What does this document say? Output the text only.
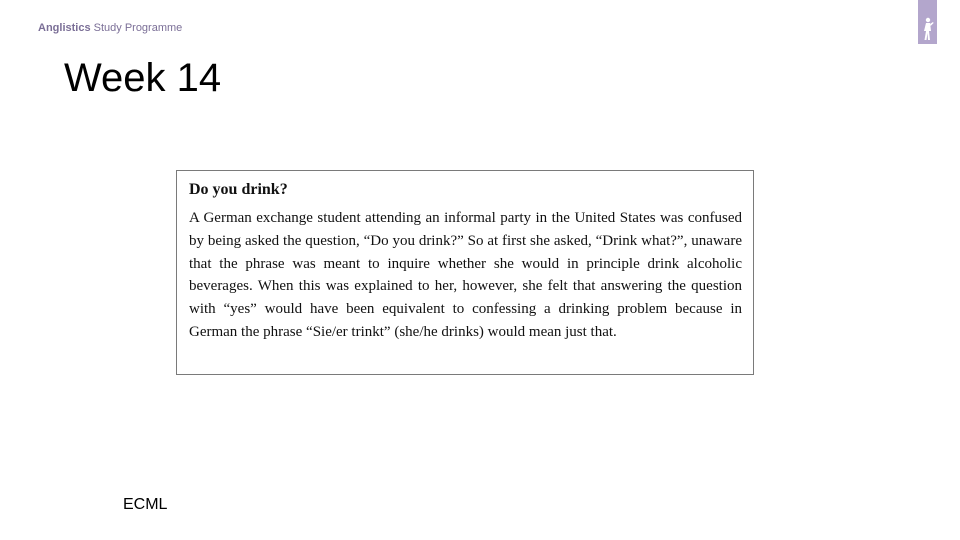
Anglistics Study Programme
Week 14
Do you drink?

A German exchange student attending an informal party in the United States was confused by being asked the question, “Do you drink?” So at first she asked, “Drink what?”, unaware that the phrase was meant to inquire whether she would in principle drink alcoholic beverages. When this was explained to her, however, she felt that answering the question with “yes” would have been equivalent to confessing a drinking problem because in German the phrase “Sie/er trinkt” (she/he drinks) would mean just that.

ECML
